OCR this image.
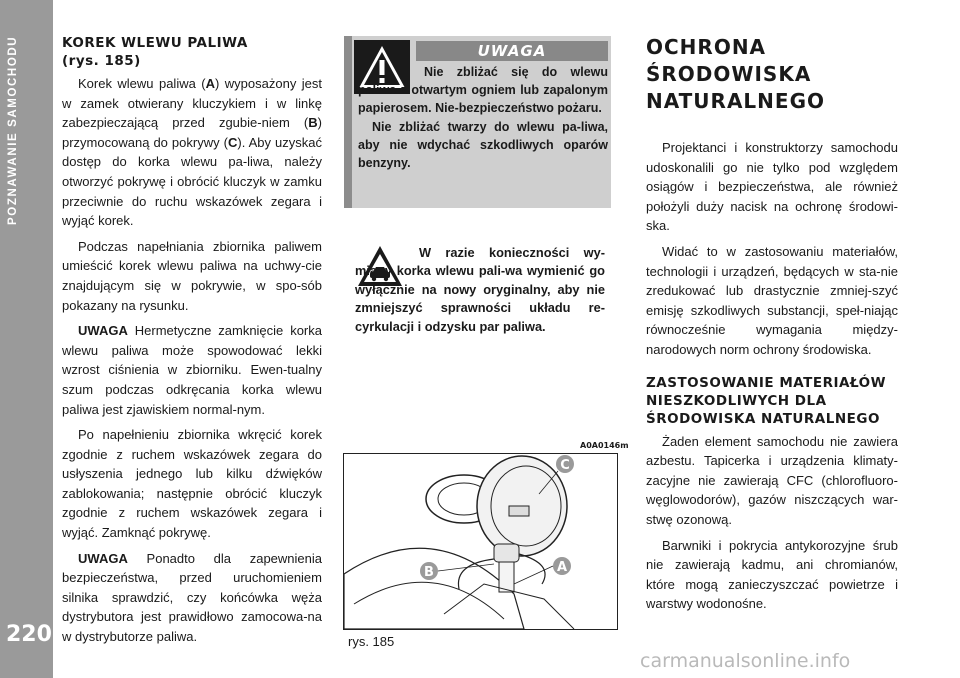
POZNAWANIE SAMOCHODU
220
KOREK WLEWU PALIWA
(rys. 185)

Korek wlewu paliwa (A) wyposażony jest w zamek otwierany kluczykiem i w linkę zabezpieczającą przed zgubie-niem (B) przymocowaną do pokrywy (C). Aby uzyskać dostęp do korka wlewu pa-liwa, należy otworzyć pokrywę i obrócić kluczyk w zamku przeciwnie do ruchu wskazówek zegara i wyjąć korek.

Podczas napełniania zbiornika paliwem umieścić korek wlewu paliwa na uchwy-cie znajdującym się w pokrywie, w spo-sób pokazany na rysunku.

UWAGA Hermetyczne zamknięcie korka wlewu paliwa może spowodować lekki wzrost ciśnienia w zbiorniku. Ewen-tualny szum podczas odkręcania korka wlewu paliwa jest zjawiskiem normal-nym.

Po napełnieniu zbiornika wkręcić korek zgodnie z ruchem wskazówek zegara do usłyszenia jednego lub kilku dźwięków zablokowania; następnie obrócić kluczyk zgodnie z ruchem wskazówek zegara i wyjąć. Zamknąć pokrywę.

UWAGA Ponadto dla zapewnienia bezpieczeństwa, przed uruchomieniem silnika sprawdzić, czy końcówka węża dystrybutora jest prawidłowo zamocowa-na w dystrybutorze paliwa.

UWAGA

Nie zbliżać się do wlewu paliwa z otwartym ogniem lub zapalonym papierosem. Nie-bezpieczeństwo pożaru.

Nie zbliżać twarzy do wlewu pa-liwa, aby nie wdychać szkodliwych oparów benzyny.

W razie konieczności wy-miany korka wlewu pali-wa wymienić go wyłącznie na nowy oryginalny, aby nie zmniejszyć sprawności układu re-cyrkulacji i odzysku par paliwa.

A0A0146m
B	A
C
rys. 185
OCHRONA
ŚRODOWISKA
NATURALNEGO

Projektanci i konstruktorzy samochodu udoskonalili go nie tylko pod względem osiągów i bezpieczeństwa, ale również położyli duży nacisk na ochronę środowi-ska.

Widać to w zastosowaniu materiałów, technologii i urządzeń, będących w sta-nie zredukować lub drastycznie zmniej-szyć emisję szkodliwych substancji, speł-niając równocześnie wymagania między-narodowych norm ochrony środowiska.

ZASTOSOWANIE MATERIAŁÓW
NIESZKODLIWYCH DLA
ŚRODOWISKA NATURALNEGO

Żaden element samochodu nie zawiera azbestu. Tapicerka i urządzenia klimaty-zacyjne nie zawierają CFC (chlorofluoro-węglowodorów), gazów niszczących war-stwę ozonową.

Barwniki i pokrycia antykorozyjne śrub nie zawierają kadmu, ani chromianów, które mogą zanieczyszczać powietrze i warstwy wodonośne.

carmanualsonline.info
